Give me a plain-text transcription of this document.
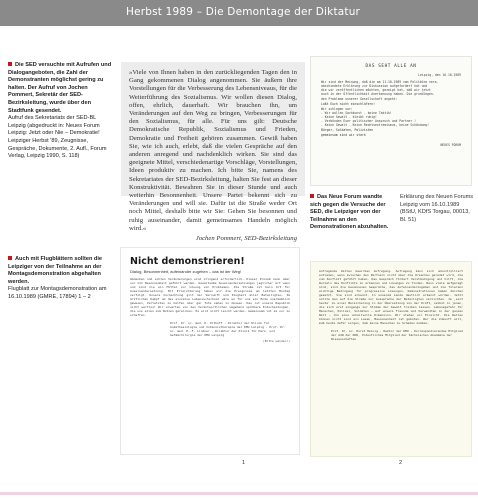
Herbst 1989 – Die Demontage der Diktatur
Die SED versuchte mit Aufrufen und Dialogangeboten, die Zahl der Demonstranten möglichst gering zu halten. Der Aufruf von Jochen Pommert, Sekretär der SED-Bezirksleitung, wurde über den Stadtfunk gesendet.
Aufruf des Sekretariats der SED-BL Leipzig (abgedruckt in: Neues Forum Leipzig: Jetzt oder Nie – Demokratie! Leipziger Herbst '89, Zeugnisse, Gespräche, Dokumente, 2. Aufl., Forum Verlag, Leipzig 1990, S. 118)
»Viele von Ihnen haben in den zurückliegenden Tagen den in Gang gekommenen Dialog angenommen. Sie äußern ihre Vorstellungen für die Verbesserung des Lebensniveaus, für die Weiterführung des Sozialismus. Wir wollen diesen Dialog, offen, ehrlich, dauerhaft. Wir brauchen ihn, um Veränderungen auf den Weg zu bringen, Verbesserungen für den Sozialismus, für alle. Für uns gilt: Deutsche Demokratische Republik, Sozialismus und Frieden, Demokratie und Freiheit gehören zusammen. Gewiß haben Sie, wie ich auch, erlebt, daß die vielen Gespräche auf den anderen anregend und nachdenklich wirken. Sie sind das geeignete Mittel, verschiedenartige Vorschläge, Vorstellungen, Ideen produktiv zu machen. Ich bitte Sie, namens des Sekretariates der SED-Bezirksleitung, halten Sie fest an dieser Konstruktivität. Bewahren Sie in dieser Stunde und auch weiterhin Besonnenheit. Unsere Partei bekennt sich zu Veränderungen und will sie. Dafür ist die Straße weder Ort noch Mittel, deshalb bitte wir Sie: Gehen Sie besonnen und ruhig auseinander, damit gemeinsames Handeln möglich wird.«
Jochen Pommert, SED-Bezirksleitung
DAS SEHT ALLE AN
Leipzig, den 16.10.1989
Wir sind der Meinung, daß die am 11.10.1989 vom Politbüro vera-
abschiedete Erklärung zur Diskussion aufgefordert hat und
die wir veröffentlichen möchten, gezeigt hat, daß wir jetzt
auch in der Öffentlichkeit Anerkennung haben. Die grundlegen-
den Probleme unserer Gesellschaft angeht:
Laßt Euch nicht einschläfern!
Wir schlagen vor:
- Wir wollen Sachkunst - keine Taktik!
- Keine Gewalt - bleibt ruhig!
- Verbünden Euer politischer Anspruch und Partner !
- Keine Gewalt - Keine Rechtsextremismus, keine Schändung!
Bürger, Soldaten, Polizisten
gemeinsam sind wir stark
NEUES FORUM
Das Neue Forum wandte sich gegen die Versuche der SED, die Leipziger von der Teilnahme an den Demonstrationen abzuhalten.
Erklärung des Neuen Forums Leipzig vom 16.10.1989 (BStU, KDfS Torgau, 00013, Bl. 51)
Auch mit Flugblättern sollten die Leipziger von der Teilnahme an der Montagsdemonstration abgehalten werden.
Flugblatt zur Montagsdemonstration am 16.10.1989 (GMRE, 17894) 1 – 2
Nicht demonstrieren!
Dialog, Besonnenheit, aufeinander zugehen – das ist der Weg!
Umdenken und echten Veränderungen sind dringend erforderlich. Dieser Prozeß kann aber nur mit Besonnenheit geführt werden. Gewaltsame Auseinandersetzungen jeglicher Art wenn und sind nie ein Mittel zur Lösung von Problemen. Die Straße ist kein Ort für Auseinandersetzung. Mit Erleichterung haben wir die Ereignisse am letzten Montag verfolgt. Unsere hochachtung gilt der Vernunft und Klugheit aller Beteiligten. Im ärztlichen Kampf um das einzelne Lebensschicksal wäre es für uns ein Ende unermeßlich gewesen, Verletzten zu helfen oder gar Tote sehen zu müssen. Das ist unsere Republik nicht wertlos! Wir erwarten von den Verantwortlichen umgehend spürbare Entscheidungen, die uns allen zum Nutzen gereichen. Es wird nicht leicht werden. Gemeinsam ist es nur zu schaffen.
Prof. Dr. sc. med. D. Olthoff · Direktor der Klinik für Anästhesiologie und Intensivtherapie der KMU Leipzig · Prof. Dr. sc. med. E.-F. Lindner · Direktor der Klinik für Herz- und Gefäßchirurgie der KMU Leipzig
(Bitte wenden!)
Aufregende Zeiten bewirken Aufregung. Aufregung kann sich unkontrolliert entladen, wenn zwischen den Partnern nicht über die Ursachen geredet wird, die zum Konflikt geführt haben. Das Gespräch fördert Verständigung und hilft, die Wurzeln des Konflikts zu erkennen und Lösungen zu finden. Wenn viele aufgeregt sind, sind die besonnenen Gespräche, das Aufeinanderzugehen und die Toleranz wichtige Bedingung für progressive Lösungen. Demonstrationen haben Zeichen gesetzt. Sie sind erkannt. In unserem Lande deutlich erkannt worden. Jetzt sollte man auf die Straße zur Aussprache der Beteiligten verzichten. Je ‚seit heute' zu einer Bereicherung in der Übersetzung von der Kraft, selbst in jenen, die sich erst eingangs zur Stimme der Gewalt treiben lassen. Lebensgefahr für Menschen, Polizei, Soldaten – auf unsere Freunde und Verwandten in der ganzen Welt – ihn eine unheilvolle Dimension. Wir stehen vor Einsicht. Die Wellen können nicht sind ein Lesen, Besonnenheit ist geboten. Wer die Zukunft will, muß heute dafür sorgen, daß keine Menschen zu Schaden kommen.
Prof. Dr. sc. Horst Heinig · Rektor der KMU · Korrespondierendes Mitglied der AdW der DDR, Ordentliches Mitglied der Sächsischen Akademie der Wissenschaften
1	2
